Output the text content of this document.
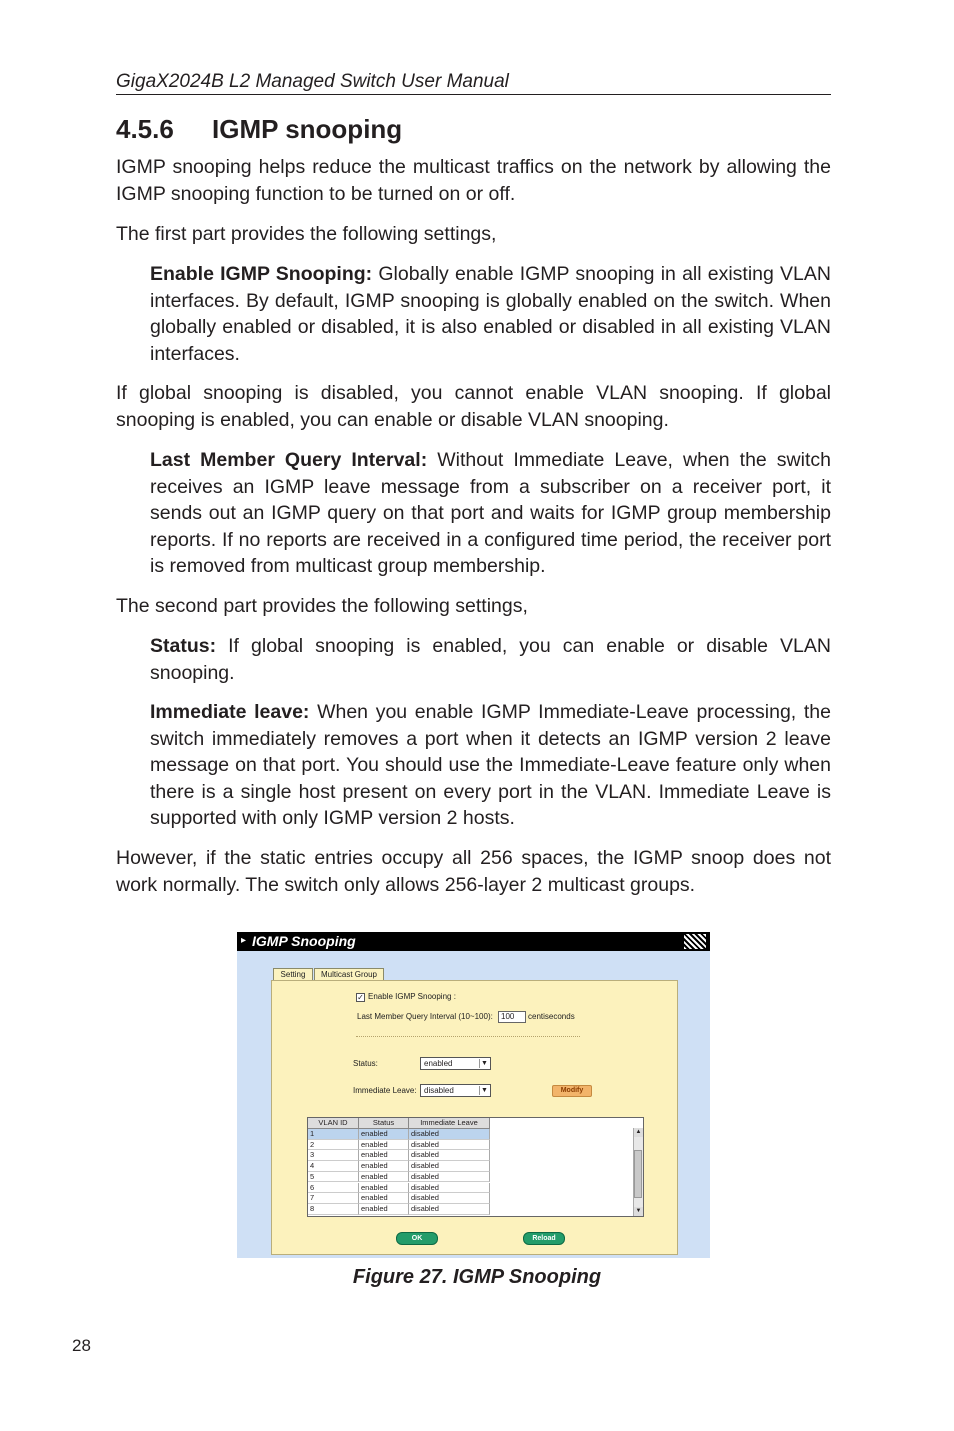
GigaX2024B L2 Managed Switch User Manual
4.5.6 IGMP snooping

IGMP snooping helps reduce the multicast traffics on the network by allowing the IGMP snooping function to be turned on or off.

The first part provides the following settings,

Enable IGMP Snooping: Globally enable IGMP snooping in all existing VLAN interfaces. By default, IGMP snooping is globally enabled on the switch. When globally enabled or disabled, it is also enabled or disabled in all existing VLAN interfaces.

If global snooping is disabled, you cannot enable VLAN snooping. If global snooping is enabled, you can enable or disable VLAN snooping.

Last Member Query Interval: Without Immediate Leave, when the switch receives an IGMP leave message from a subscriber on a receiver port, it sends out an IGMP query on that port and waits for IGMP group membership reports. If no reports are received in a configured time period, the receiver port is removed from multicast group membership.

The second part provides the following settings,

Status: If global snooping is enabled, you can enable or disable VLAN snooping.

Immediate leave: When you enable IGMP Immediate-Leave processing, the switch immediately removes a port when it detects an IGMP version 2 leave message on that port. You should use the Immediate-Leave feature only when there is a single host present on every port in the VLAN. Immediate Leave is supported with only IGMP version 2 hosts.

However, if the static entries occupy all 256 spaces, the IGMP snoop does not work normally. The switch only allows 256-layer 2 multicast groups.

▸ IGMP Snooping
Setting	Multicast Group
✓ Enable IGMP Snooping :
Last Member Query Interval (10~100):	100	centiseconds
Status:	enabled	▼
Immediate Leave: disabled	▼	Modify
VLAN ID	Status	Immediate Leave
1	enabled	disabled
2	enabled	disabled
3	enabled	disabled
4	enabled	disabled
5	enabled	disabled
6	enabled	disabled
7	enabled	disabled
8	enabled	disabled
▲
▼
OK	Reload
Figure 27. IGMP Snooping
28
